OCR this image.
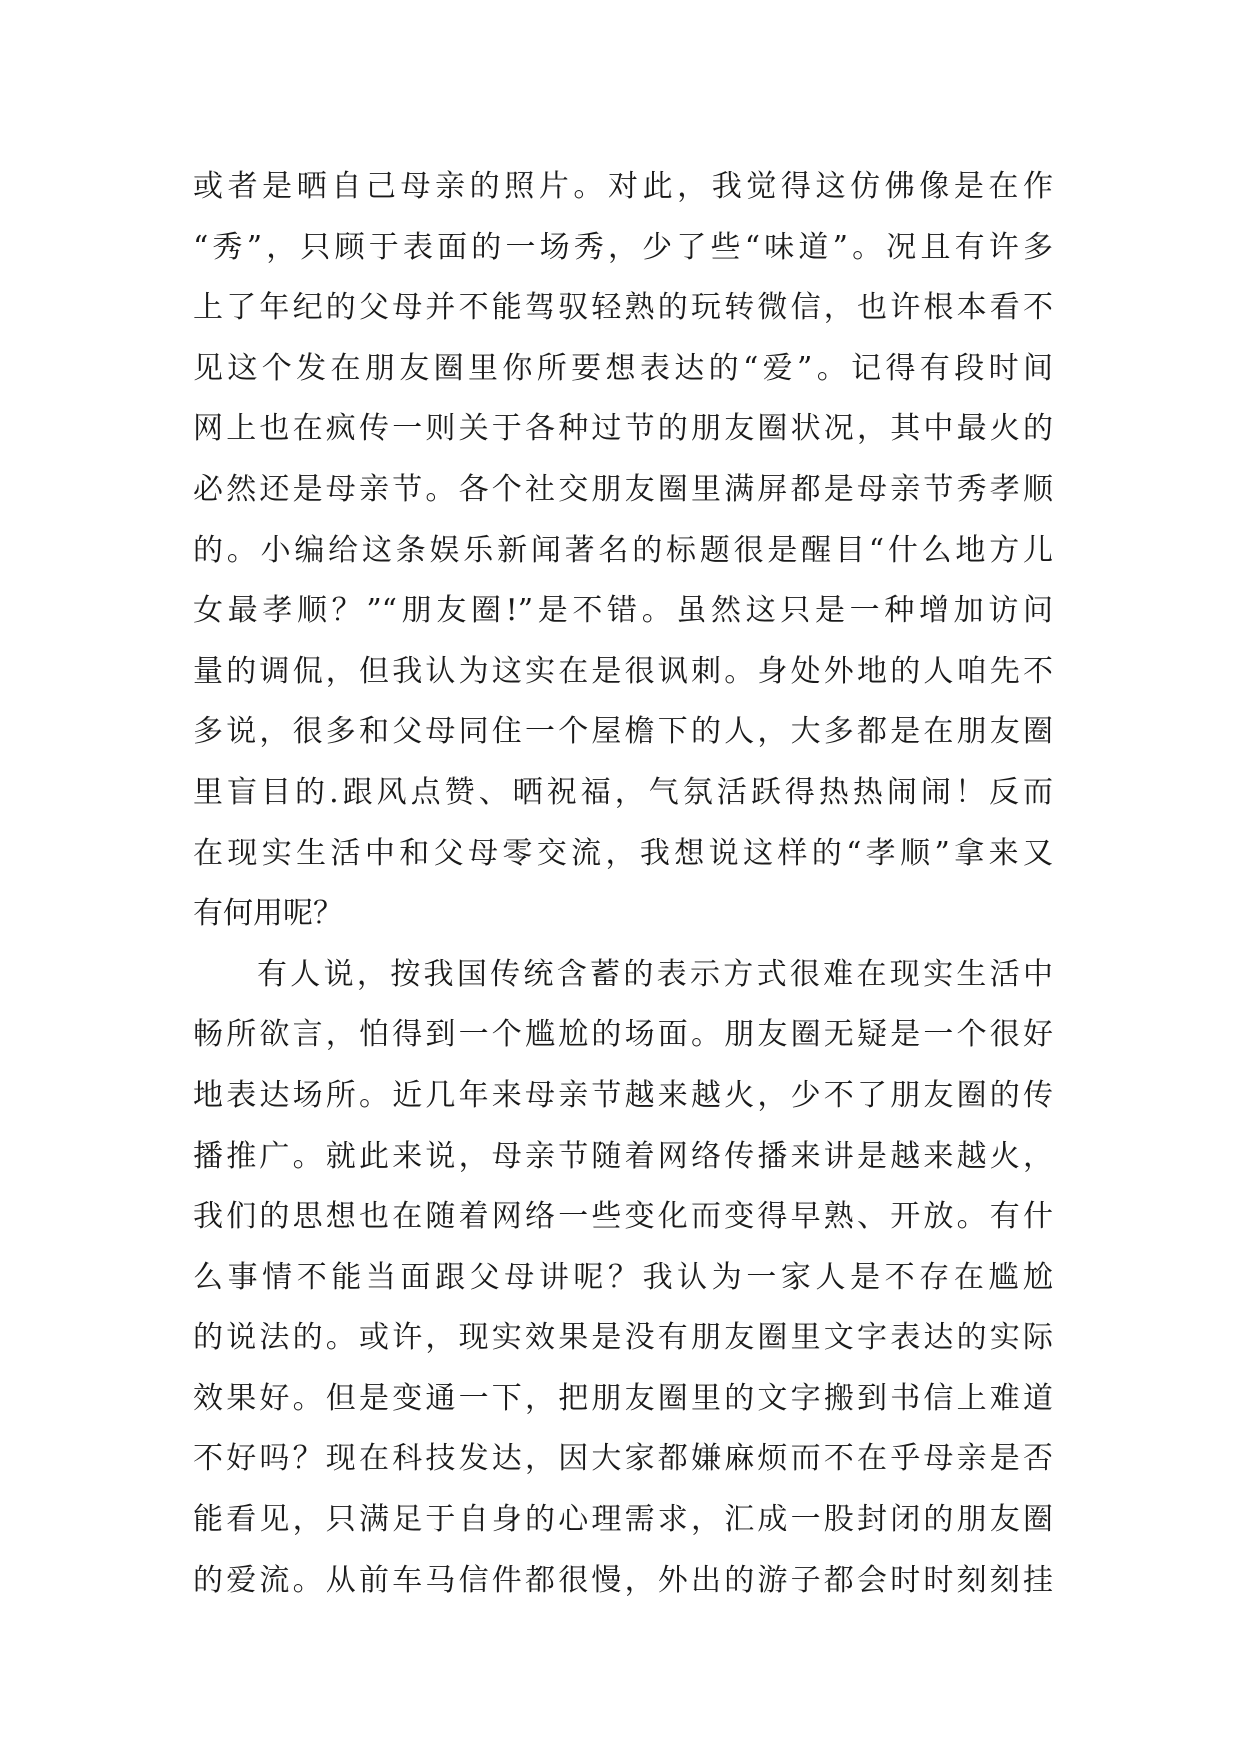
或者是晒自己母亲的照片。对此，我觉得这仿佛像是在作
“秀”，只顾于表面的一场秀，少了些“味道”。况且有许多
上了年纪的父母并不能驾驭轻熟的玩转微信，也许根本看不
见这个发在朋友圈里你所要想表达的“爱”。记得有段时间
网上也在疯传一则关于各种过节的朋友圈状况，其中最火的
必然还是母亲节。各个社交朋友圈里满屏都是母亲节秀孝顺
的。小编给这条娱乐新闻著名的标题很是醒目“什么地方儿
女最孝顺？”“朋友圈!”是不错。虽然这只是一种增加访问
量的调侃，但我认为这实在是很讽刺。身处外地的人咱先不
多说，很多和父母同住一个屋檐下的人，大多都是在朋友圈
里盲目的.跟风点赞、晒祝福，气氛活跃得热热闹闹！反而
在现实生活中和父母零交流，我想说这样的“孝顺”拿来又
有何用呢？
有人说，按我国传统含蓄的表示方式很难在现实生活中
畅所欲言，怕得到一个尴尬的场面。朋友圈无疑是一个很好
地表达场所。近几年来母亲节越来越火，少不了朋友圈的传
播推广。就此来说，母亲节随着网络传播来讲是越来越火，
我们的思想也在随着网络一些变化而变得早熟、开放。有什
么事情不能当面跟父母讲呢？我认为一家人是不存在尴尬
的说法的。或许，现实效果是没有朋友圈里文字表达的实际
效果好。但是变通一下，把朋友圈里的文字搬到书信上难道
不好吗？现在科技发达，因大家都嫌麻烦而不在乎母亲是否
能看见，只满足于自身的心理需求，汇成一股封闭的朋友圈
的爱流。从前车马信件都很慢，外出的游子都会时时刻刻挂
